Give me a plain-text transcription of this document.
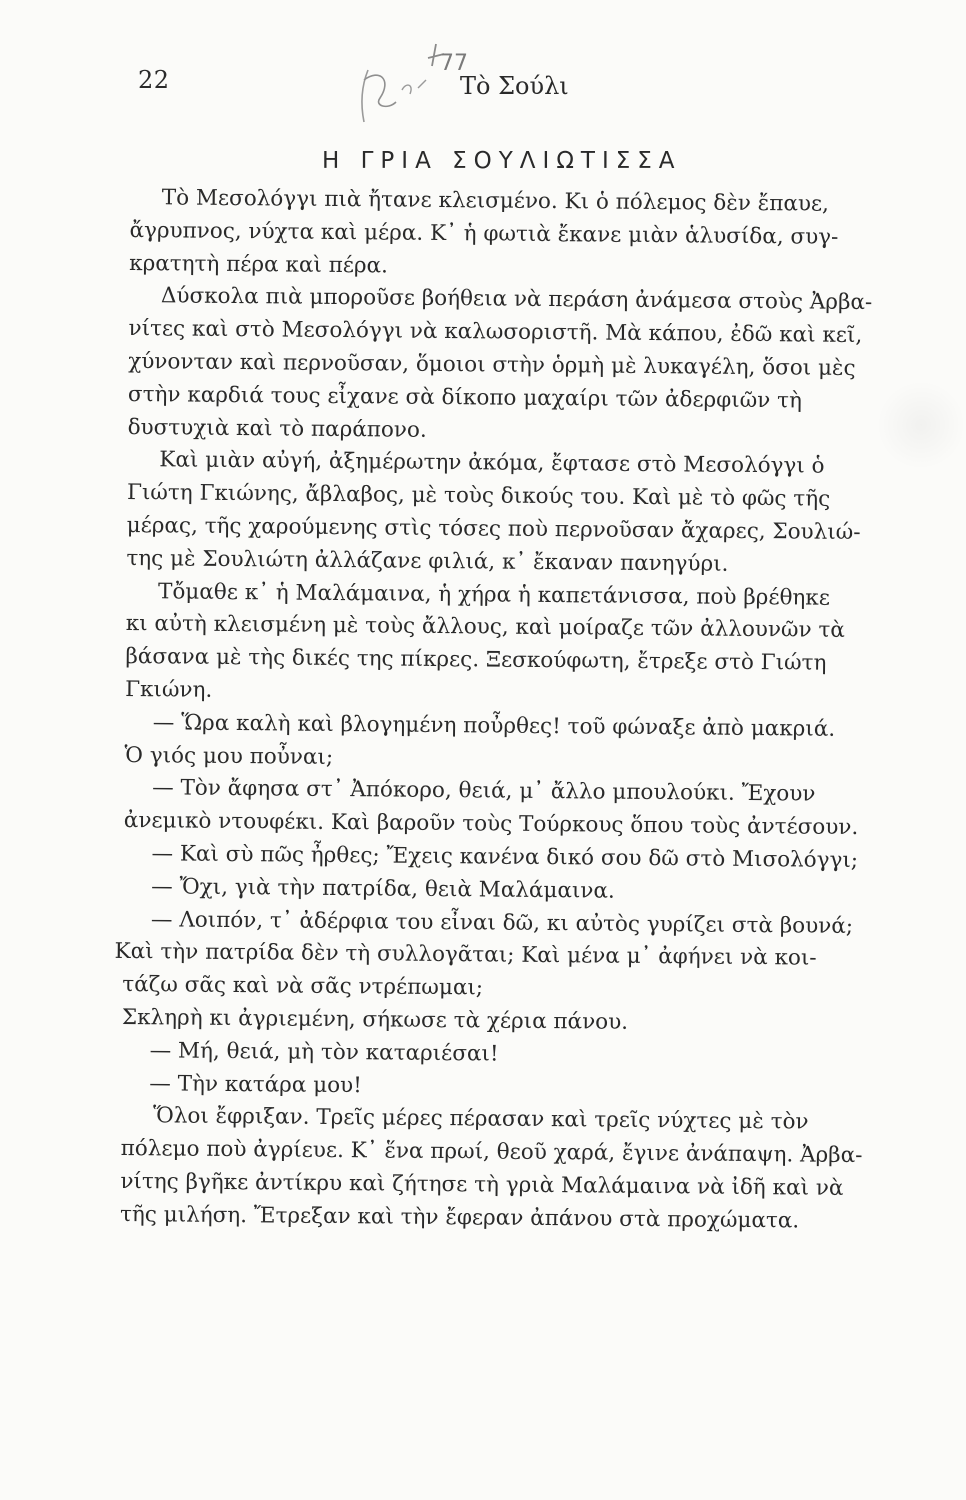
22
77
Τὸ Σούλι
Η ΓΡΙΑ ΣΟΥΛΙΩΤΙΣΣΑ
Τὸ Μεσολόγγι πιὰ ἤτανε κλεισμένο. Κι ὁ πόλεμος δὲν ἔπαυε,
ἄγρυπνος, νύχτα καὶ μέρα. Κ᾽ ἡ φωτιὰ ἔκανε μιὰν ἁλυσίδα, συγ-
κρατητὴ πέρα καὶ πέρα.
Δύσκολα πιὰ μποροῦσε βοήθεια νὰ περάση ἀνάμεσα στοὺς Ἀρβα-
νίτες καὶ στὸ Μεσολόγγι νὰ καλωσοριστῆ. Μὰ κάπου, ἐδῶ καὶ κεῖ,
χύνονταν καὶ περνοῦσαν, ὅμοιοι στὴν ὁρμὴ μὲ λυκαγέλη, ὅσοι μὲς
στὴν καρδιά τους εἶχανε σὰ δίκοπο μαχαίρι τῶν ἀδερφιῶν τὴ
δυστυχιὰ καὶ τὸ παράπονο.
Καὶ μιὰν αὐγή, ἀξημέρωτην ἀκόμα, ἔφτασε στὸ Μεσολόγγι ὁ
Γιώτη Γκιώνης, ἄβλαβος, μὲ τοὺς δικούς του. Καὶ μὲ τὸ φῶς τῆς
μέρας, τῆς χαρούμενης στὶς τόσες ποὺ περνοῦσαν ἄχαρες, Σουλιώ-
της μὲ Σουλιώτη ἀλλάζανε φιλιά, κ᾽ ἔκαναν πανηγύρι.
Τὄμαθε κ᾽ ἡ Μαλάμαινα, ἡ χήρα ἡ καπετάνισσα, ποὺ βρέθηκε
κι αὐτὴ κλεισμένη μὲ τοὺς ἄλλους, καὶ μοίραζε τῶν ἀλλουνῶν τὰ
βάσανα μὲ τὴς δικές της πίκρες. Ξεσκούφωτη, ἔτρεξε στὸ Γιώτη
Γκιώνη.
— Ὥρα καλὴ καὶ βλογημένη ποὖρθες! τοῦ φώναξε ἀπὸ μακριά.
Ὁ γιός μου ποὖναι;
— Τὸν ἄφησα στ᾽ Ἀπόκορο, θειά, μ᾽ ἄλλο μπουλούκι. Ἔχουν
ἀνεμικὸ ντουφέκι. Καὶ βαροῦν τοὺς Τούρκους ὅπου τοὺς ἀντέσουν.
— Καὶ σὺ πῶς ἦρθες; Ἔχεις κανένα δικό σου δῶ στὸ Μισολόγγι;
— Ὄχι, γιὰ τὴν πατρίδα, θειὰ Μαλάμαινα.
— Λοιπόν, τ᾽ ἀδέρφια του εἶναι δῶ, κι αὐτὸς γυρίζει στὰ βουνά;
Καὶ τὴν πατρίδα δὲν τὴ συλλογᾶται; Καὶ μένα μ᾽ ἀφήνει νὰ κοι-
τάζω σᾶς καὶ νὰ σᾶς ντρέπωμαι;
Σκληρὴ κι ἀγριεμένη, σήκωσε τὰ χέρια πάνου.
— Μή, θειά, μὴ τὸν καταριέσαι!
— Τὴν κατάρα μου!
Ὅλοι ἔφριξαν. Τρεῖς μέρες πέρασαν καὶ τρεῖς νύχτες μὲ τὸν
πόλεμο ποὺ ἀγρίευε. Κ᾽ ἕνα πρωί, θεοῦ χαρά, ἔγινε ἀνάπαψη. Ἀρβα-
νίτης βγῆκε ἀντίκρυ καὶ ζήτησε τὴ γριὰ Μαλάμαινα νὰ ἰδῆ καὶ νὰ
τῆς μιλήση. Ἔτρεξαν καὶ τὴν ἔφεραν ἀπάνου στὰ προχώματα.
